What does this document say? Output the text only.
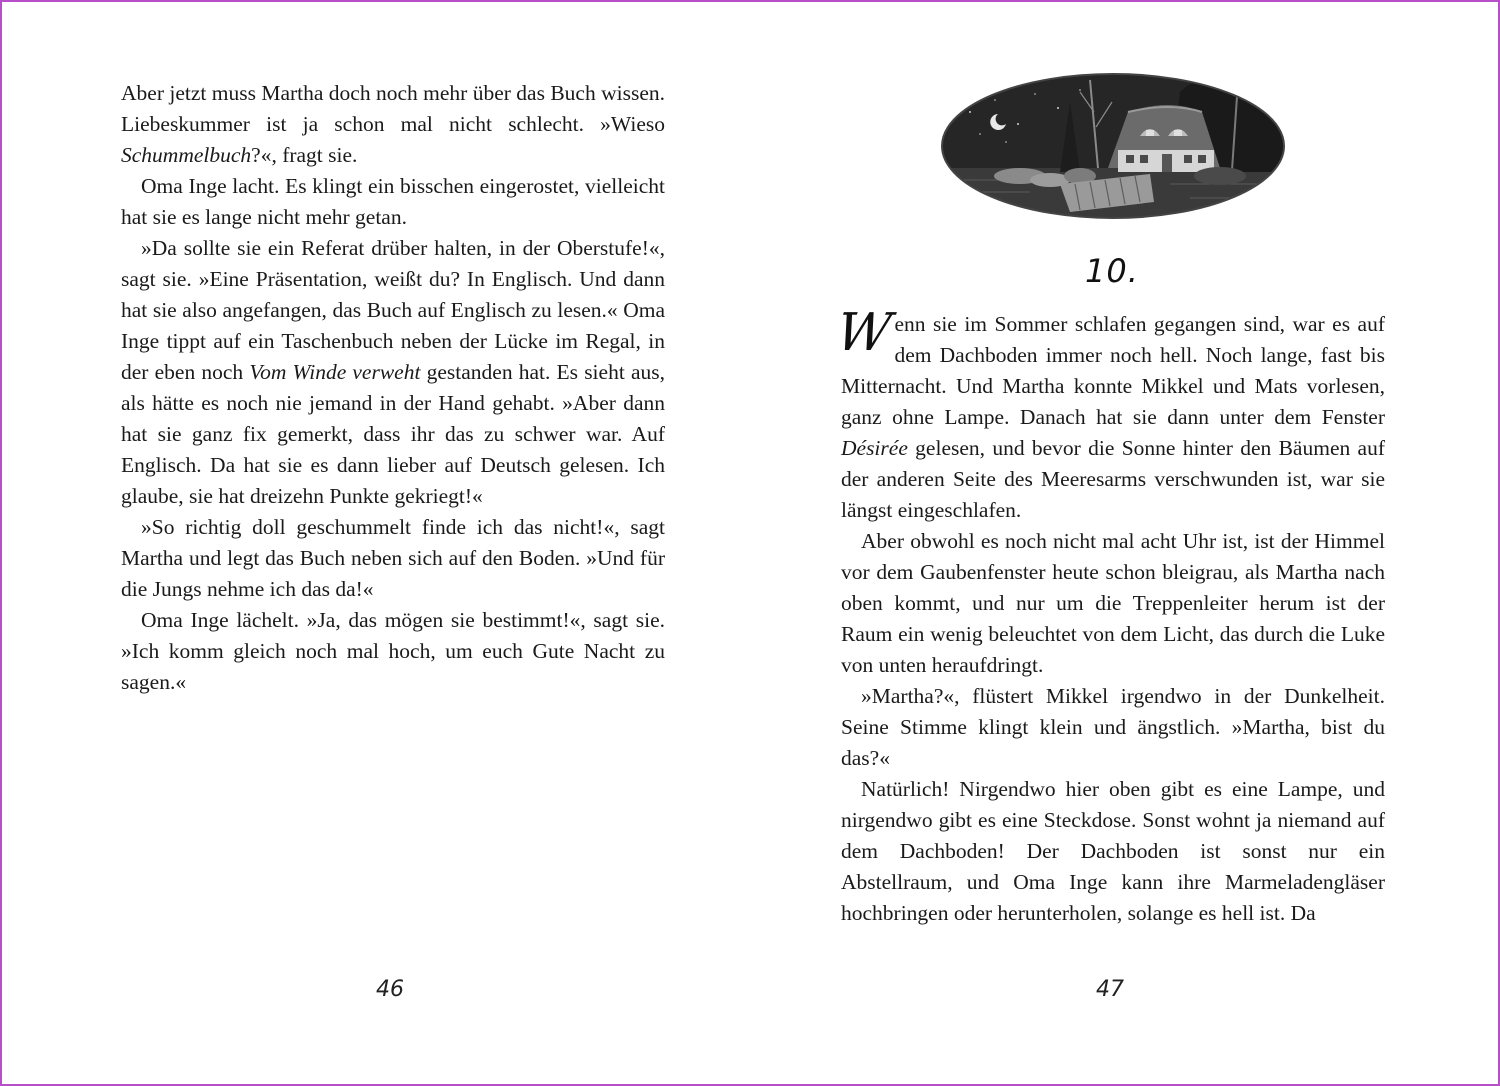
Aber jetzt muss Martha doch noch mehr über das Buch wissen. Liebeskummer ist ja schon mal nicht schlecht. »Wieso Schummelbuch?«, fragt sie.

Oma Inge lacht. Es klingt ein bisschen eingerostet, vielleicht hat sie es lange nicht mehr getan.

»Da sollte sie ein Referat drüber halten, in der Oberstufe!«, sagt sie. »Eine Präsentation, weißt du? In Englisch. Und dann hat sie also angefangen, das Buch auf Englisch zu lesen.« Oma Inge tippt auf ein Taschenbuch neben der Lücke im Regal, in der eben noch Vom Winde verweht gestanden hat. Es sieht aus, als hätte es noch nie jemand in der Hand gehabt. »Aber dann hat sie ganz fix gemerkt, dass ihr das zu schwer war. Auf Englisch. Da hat sie es dann lieber auf Deutsch gelesen. Ich glaube, sie hat dreizehn Punkte gekriegt!«

»So richtig doll geschummelt finde ich das nicht!«, sagt Martha und legt das Buch neben sich auf den Boden. »Und für die Jungs nehme ich das da!«

Oma Inge lächelt. »Ja, das mögen sie bestimmt!«, sagt sie. »Ich komm gleich noch mal hoch, um euch Gute Nacht zu sagen.«

46
10.

Wenn sie im Sommer schlafen gegangen sind, war es auf dem Dachboden immer noch hell. Noch lange, fast bis Mitternacht. Und Martha konnte Mikkel und Mats vorlesen, ganz ohne Lampe. Danach hat sie dann unter dem Fenster Désirée gelesen, und bevor die Sonne hinter den Bäumen auf der anderen Seite des Meeresarms verschwunden ist, war sie längst eingeschlafen.

Aber obwohl es noch nicht mal acht Uhr ist, ist der Himmel vor dem Gaubenfenster heute schon bleigrau, als Martha nach oben kommt, und nur um die Treppenleiter herum ist der Raum ein wenig beleuchtet von dem Licht, das durch die Luke von unten heraufdringt.

»Martha?«, flüstert Mikkel irgendwo in der Dunkelheit. Seine Stimme klingt klein und ängstlich. »Martha, bist du das?«

Natürlich! Nirgendwo hier oben gibt es eine Lampe, und nirgendwo gibt es eine Steckdose. Sonst wohnt ja niemand auf dem Dachboden! Der Dachboden ist sonst nur ein Abstellraum, und Oma Inge kann ihre Marmeladengläser hochbringen oder herunterholen, solange es hell ist. Da

47
